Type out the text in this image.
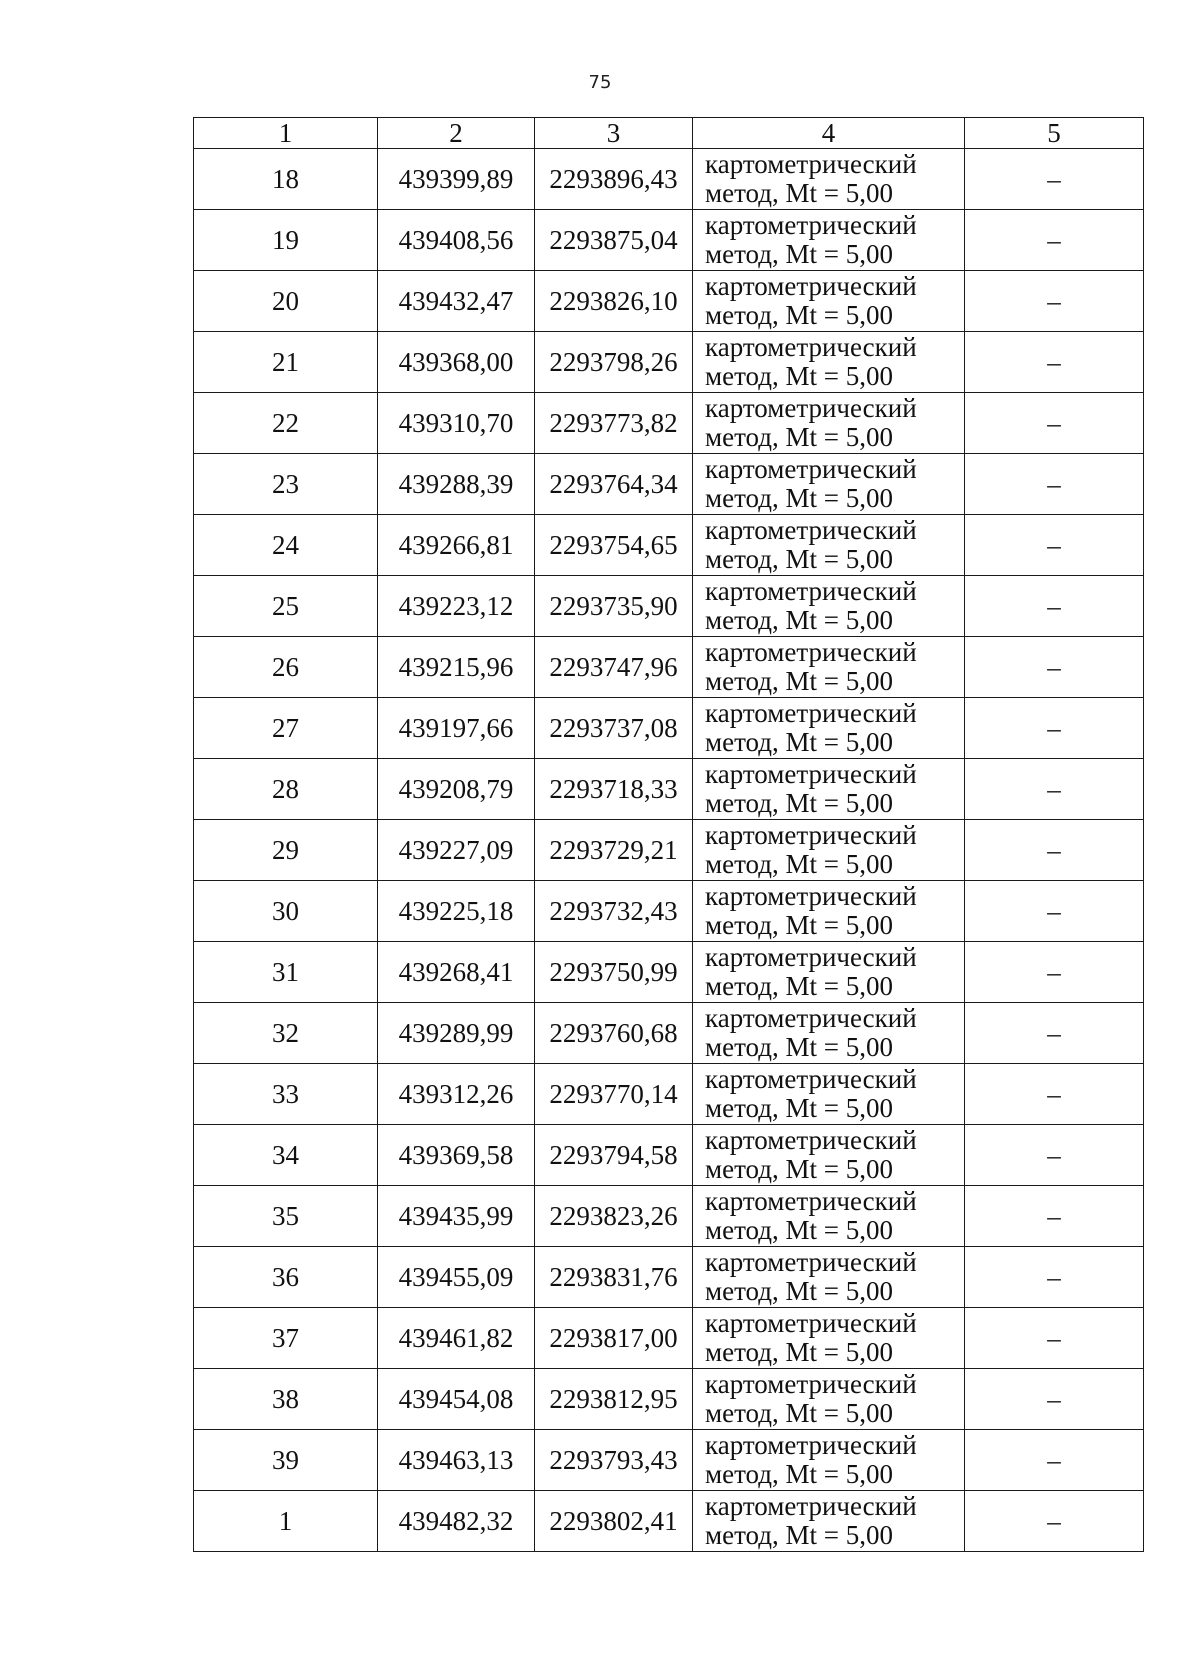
75
1	2	3	4	5
18	439399,89	2293896,43	картометрический
метод, Mt = 5,00	–
19	439408,56	2293875,04	картометрический
метод, Mt = 5,00	–
20	439432,47	2293826,10	картометрический
метод, Mt = 5,00	–
21	439368,00	2293798,26	картометрический
метод, Mt = 5,00	–
22	439310,70	2293773,82	картометрический
метод, Mt = 5,00	–
23	439288,39	2293764,34	картометрический
метод, Mt = 5,00	–
24	439266,81	2293754,65	картометрический
метод, Mt = 5,00	–
25	439223,12	2293735,90	картометрический
метод, Mt = 5,00	–
26	439215,96	2293747,96	картометрический
метод, Mt = 5,00	–
27	439197,66	2293737,08	картометрический
метод, Mt = 5,00	–
28	439208,79	2293718,33	картометрический
метод, Mt = 5,00	–
29	439227,09	2293729,21	картометрический
метод, Mt = 5,00	–
30	439225,18	2293732,43	картометрический
метод, Mt = 5,00	–
31	439268,41	2293750,99	картометрический
метод, Mt = 5,00	–
32	439289,99	2293760,68	картометрический
метод, Mt = 5,00	–
33	439312,26	2293770,14	картометрический
метод, Mt = 5,00	–
34	439369,58	2293794,58	картометрический
метод, Mt = 5,00	–
35	439435,99	2293823,26	картометрический
метод, Mt = 5,00	–
36	439455,09	2293831,76	картометрический
метод, Mt = 5,00	–
37	439461,82	2293817,00	картометрический
метод, Mt = 5,00	–
38	439454,08	2293812,95	картометрический
метод, Mt = 5,00	–
39	439463,13	2293793,43	картометрический
метод, Mt = 5,00	–
1	439482,32	2293802,41	картометрический
метод, Mt = 5,00	–
